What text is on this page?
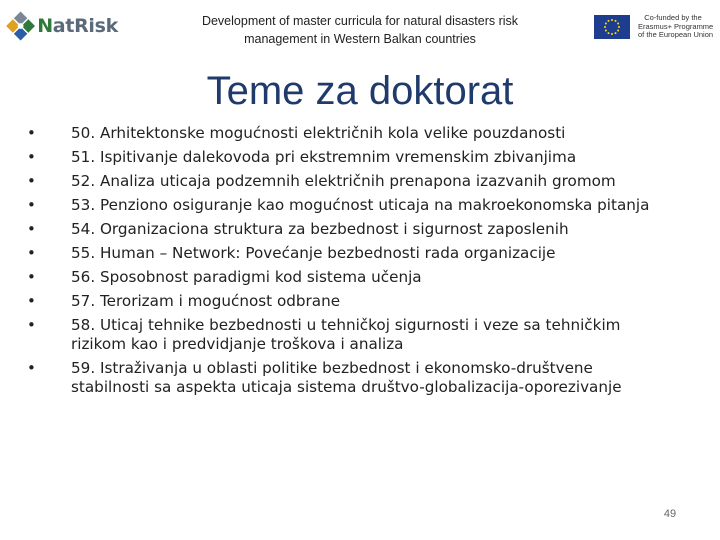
NatRisk	Development of master curricula for natural disasters risk management in Western Balkan countries
Co-funded by the
Erasmus+ Programme
of the European Union
Teme za doktorat
• 50. Arhitektonske mogućnosti električnih kola velike pouzdanosti
• 51. Ispitivanje dalekovoda pri ekstremnim vremenskim zbivanjima
• 52. Analiza uticaja podzemnih električnih prenapona izazvanih gromom
• 53. Penziono osiguranje kao mogućnost uticaja na makroekonomska pitanja
• 54. Organizaciona struktura za bezbednost i sigurnost zaposlenih
• 55. Human – Network: Povećanje bezbednosti rada organizacije
• 56. Sposobnost paradigmi kod sistema učenja
• 57. Terorizam i mogućnost odbrane
• 58. Uticaj tehnike bezbednosti u tehničkoj sigurnosti i veze sa tehničkim rizikom kao i predvidjanje troškova i analiza
• 59. Istraživanja u oblasti politike bezbednost i ekonomsko-društvene stabilnosti sa aspekta uticaja sistema društvo-globalizacija-oporezivanje
49
